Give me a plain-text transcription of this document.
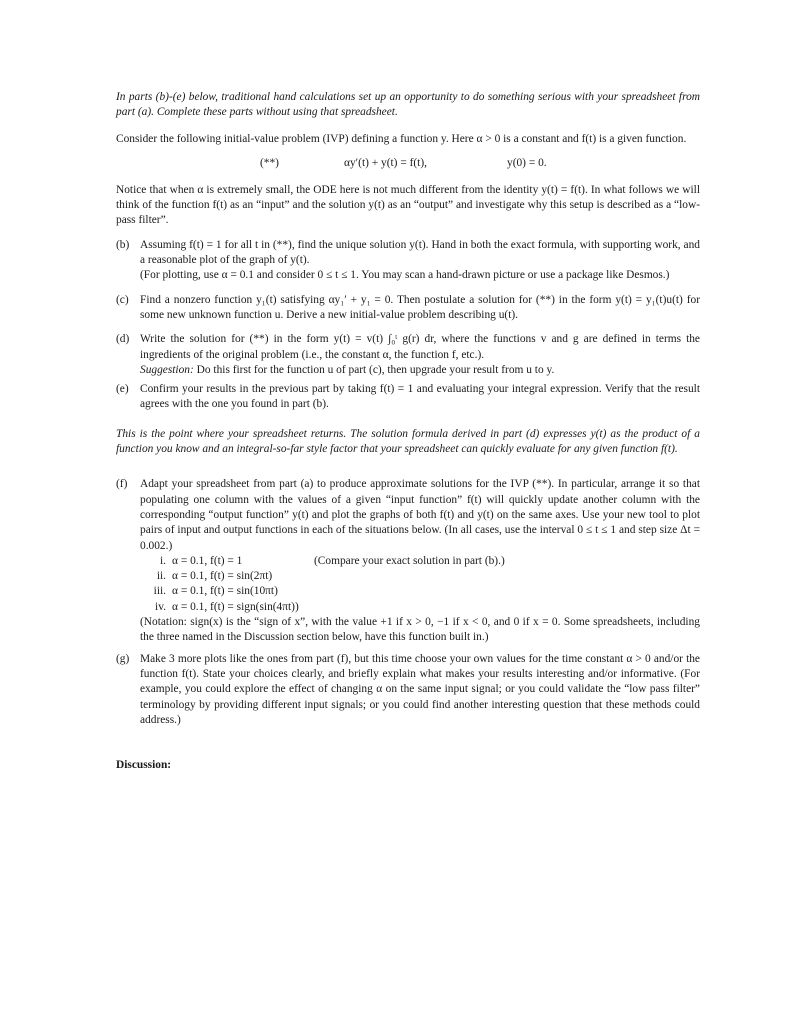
In parts (b)-(e) below, traditional hand calculations set up an opportunity to do something serious with your spreadsheet from part (a). Complete these parts without using that spreadsheet.

Consider the following initial-value problem (IVP) defining a function y. Here α > 0 is a constant and f(t) is a given function.

(**)	αy′(t) + y(t) = f(t),	y(0) = 0.

Notice that when α is extremely small, the ODE here is not much different from the identity y(t) = f(t). In what follows we will think of the function f(t) as an “input” and the solution y(t) as an “output” and investigate why this setup is described as a “low-pass filter”.

(b) Assuming f(t) = 1 for all t in (**), find the unique solution y(t). Hand in both the exact formula, with supporting work, and a reasonable plot of the graph of y(t).

(For plotting, use α = 0.1 and consider 0 ≤ t ≤ 1. You may scan a hand-drawn picture or use a package like Desmos.)

(c) Find a nonzero function y₁(t) satisfying αy₁′ + y₁ = 0. Then postulate a solution for (**) in the form y(t) = y₁(t)u(t) for some new unknown function u. Derive a new initial-value problem describing u(t).

(d) Write the solution for (**) in the form y(t) = v(t) ∫₀ᵗ g(r) dr, where the functions v and g are defined in terms the ingredients of the original problem (i.e., the constant α, the function f, etc.).

Suggestion: Do this first for the function u of part (c), then upgrade your result from u to y.

(e) Confirm your results in the previous part by taking f(t) = 1 and evaluating your integral expression. Verify that the result agrees with the one you found in part (b).

This is the point where your spreadsheet returns. The solution formula derived in part (d) expresses y(t) as the product of a function you know and an integral-so-far style factor that your spreadsheet can quickly evaluate for any given function f(t).

(f) Adapt your spreadsheet from part (a) to produce approximate solutions for the IVP (**). In particular, arrange it so that populating one column with the values of a given “input function” f(t) will quickly update another column with the corresponding “output function” y(t) and plot the graphs of both f(t) and y(t) on the same axes. Use your new tool to plot pairs of input and output functions in each of the situations below. (In all cases, use the interval 0 ≤ t ≤ 1 and step size Δt = 0.002.)

i. α = 0.1, f(t) = 1	(Compare your exact solution in part (b).)
ii. α = 0.1, f(t) = sin(2πt)
iii. α = 0.1, f(t) = sin(10πt)
iv. α = 0.1, f(t) = sign(sin(4πt))

(Notation: sign(x) is the “sign of x”, with the value +1 if x > 0, −1 if x < 0, and 0 if x = 0. Some spreadsheets, including the three named in the Discussion section below, have this function built in.)

(g) Make 3 more plots like the ones from part (f), but this time choose your own values for the time constant α > 0 and/or the function f(t). State your choices clearly, and briefly explain what makes your results interesting and/or informative. (For example, you could explore the effect of changing α on the same input signal; or you could validate the “low pass filter” terminology by providing different input signals; or you could find another interesting question that these methods could address.)

Discussion:
